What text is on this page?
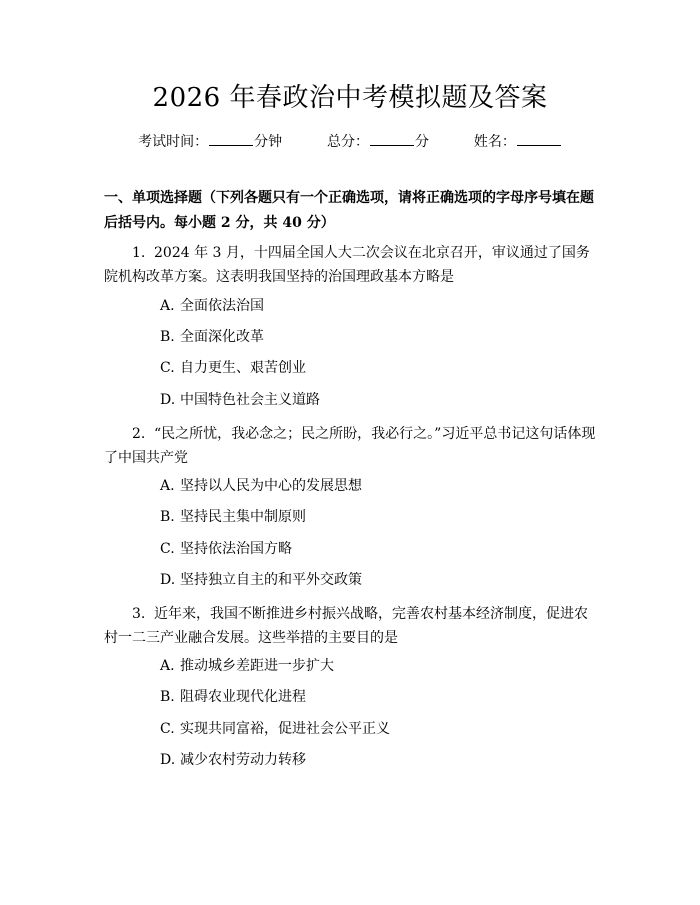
2026 年春政治中考模拟题及答案
考试时间：	分钟	总分：	分	姓名：
一、单项选择题（下列各题只有一个正确选项，请将正确选项的字母序号填在题后括号内。每小题 2 分，共 40 分）
1. 2024 年 3 月，十四届全国人大二次会议在北京召开，审议通过了国务院机构改革方案。这表明我国坚持的治国理政基本方略是
A. 全面依法治国
B. 全面深化改革
C. 自力更生、艰苦创业
D. 中国特色社会主义道路
2. “民之所忧，我必念之；民之所盼，我必行之。”习近平总书记这句话体现了中国共产党
A. 坚持以人民为中心的发展思想
B. 坚持民主集中制原则
C. 坚持依法治国方略
D. 坚持独立自主的和平外交政策
3. 近年来，我国不断推进乡村振兴战略，完善农村基本经济制度，促进农村一二三产业融合发展。这些举措的主要目的是
A. 推动城乡差距进一步扩大
B. 阻碍农业现代化进程
C. 实现共同富裕，促进社会公平正义
D. 减少农村劳动力转移
